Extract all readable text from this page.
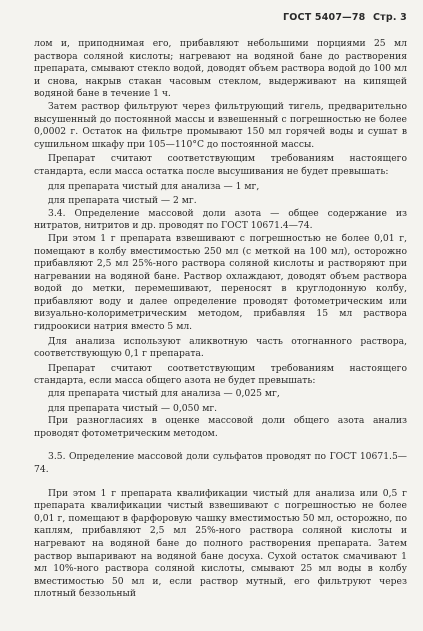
ГОСТ 5407—78 Стр. 3

лом и, приподнимая его, прибавляют небольшими порциями 25 мл раствора соляной кислоты; нагревают на водяной бане до растворения препарата, смывают стекло водой, доводят объем раствора водой до 100 мл и снова, накрыв стакан часовым стеклом, выдерживают на кипящей водяной бане в течение 1 ч.

Затем раствор фильтруют через фильтрующий тигель, предварительно высушенный до постоянной массы и взвешенный с погрешностью не более 0,0002 г. Остаток на фильтре промывают 150 мл горячей воды и сушат в сушильном шкафу при 105—110°С до постоянной массы.

Препарат считают соответствующим требованиям настоящего стандарта, если масса остатка после высушивания не будет превышать:

для препарата чистый для анализа — 1 мг,

для препарата чистый — 2 мг.

3.4. Определение массовой доли азота — общее содержание из нитратов, нитритов и др. проводят по ГОСТ 10671.4—74.

При этом 1 г препарата взвешивают с погрешностью не более 0,01 г, помещают в колбу вместимостью 250 мл (с меткой на 100 мл), осторожно прибавляют 2,5 мл 25%-ного раствора соляной кислоты и растворяют при нагревании на водяной бане. Раствор охлаждают, доводят объем раствора водой до метки, перемешивают, переносят в круглодонную колбу, прибавляют воду и далее определение проводят фотометрическим или визуально-колориметрическим методом, прибавляя 15 мл раствора гидроокиси натрия вместо 5 мл.

Для анализа используют аликвотную часть отогнанного раствора, соответствующую 0,1 г препарата.

Препарат считают соответствующим требованиям настоящего стандарта, если масса общего азота не будет превышать:

для препарата чистый для анализа — 0,025 мг,

для препарата чистый — 0,050 мг.

При разногласиях в оценке массовой доли общего азота анализ проводят фотометрическим методом.

3.5. Определение массовой доли сульфатов проводят по ГОСТ 10671.5—74.

При этом 1 г препарата квалификации чистый для анализа или 0,5 г препарата квалификации чистый взвешивают с погрешностью не более 0,01 г, помещают в фарфоровую чашку вместимостью 50 мл, осторожно, по каплям, прибавляют 2,5 мл 25%-ного раствора соляной кислоты и нагревают на водяной бане до полного растворения препарата. Затем раствор выпаривают на водяной бане досуха. Сухой остаток смачивают 1 мл 10%-ного раствора соляной кислоты, смывают 25 мл воды в колбу вместимостью 50 мл и, если раствор мутный, его фильтруют через плотный беззольный
